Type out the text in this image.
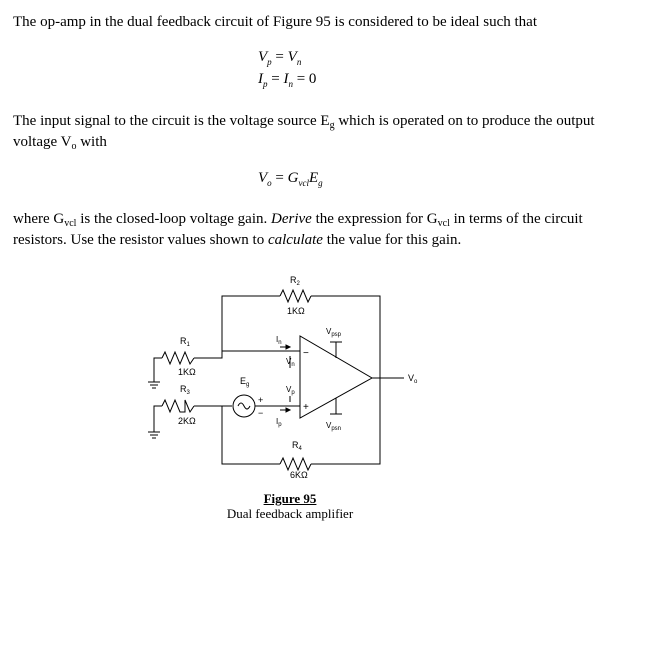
The op-amp in the dual feedback circuit of Figure 95 is considered to be ideal such that
$V_p = V_n$
$I_p = I_n = 0$
The input signal to the circuit is the voltage source $E_g$ which is operated on to produce the output voltage $V_o$ with
$V_o = G_{vcl}E_g$
where $G_{vcl}$ is the closed-loop voltage gain. Derive the expression for $G_{vcl}$ in terms of the circuit resistors. Use the resistor values shown to calculate the value for this gain.
$R_2$
1KΩ
$R_1$
1KΩ
$R_3$
2KΩ
$R_4$
6KΩ
$E_g$
+
−
$I_n$
$I_p$
$V_n$
$V_p$
−
+
$V_{psp}$
$V_{psn}$
$V_o$
Figure 95
Dual feedback amplifier
